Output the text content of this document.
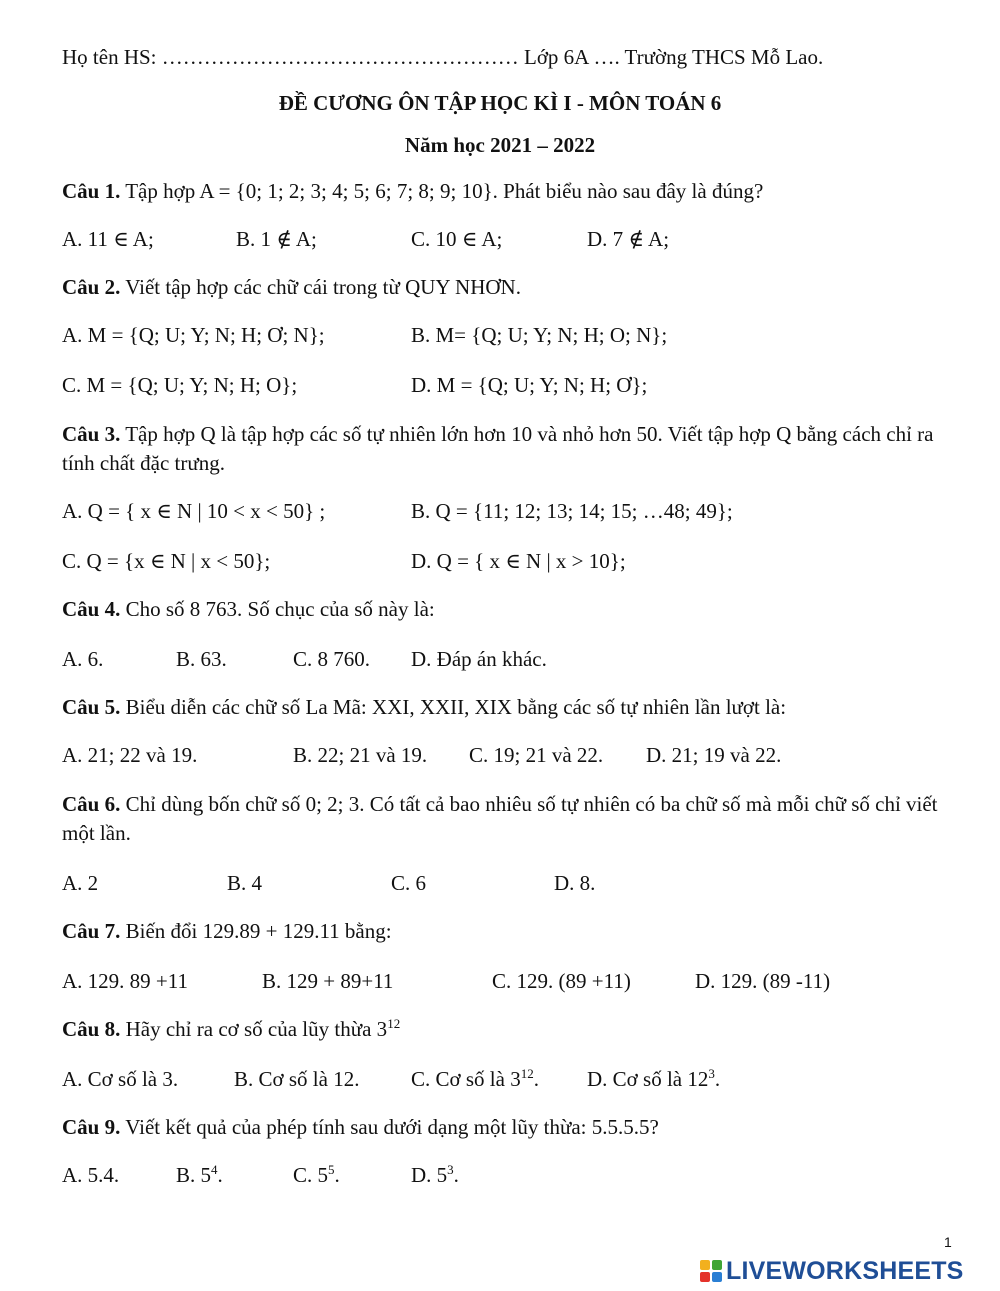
Họ tên HS: …………………………………………… Lớp 6A …. Trường THCS Mỗ Lao.
ĐỀ CƯƠNG ÔN TẬP HỌC KÌ I - MÔN TOÁN 6
Năm học 2021 – 2022
Câu 1. Tập hợp A = {0; 1; 2; 3; 4; 5; 6; 7; 8; 9; 10}. Phát biểu nào sau đây là đúng?
A. 11 ∈ A;	B. 1 ∉ A;	C. 10 ∈ A;	D. 7 ∉ A;
Câu 2. Viết tập hợp các chữ cái trong từ QUY NHƠN.
A. M = {Q; U; Y; N; H; Ơ; N};	B. M= {Q; U; Y; N; H; O; N};
C. M = {Q; U; Y; N; H; O};	D. M = {Q; U; Y; N; H; Ơ};
Câu 3. Tập hợp Q là tập hợp các số tự nhiên lớn hơn 10 và nhỏ hơn 50. Viết tập hợp Q bằng cách chỉ ra tính chất đặc trưng.
A. Q = { x ∈ N | 10 < x < 50} ;	B. Q = {11; 12; 13; 14; 15; …48; 49};
C. Q = {x ∈ N | x < 50};	D. Q = { x ∈ N | x > 10};
Câu 4. Cho số 8 763. Số chục của số này là:
A. 6.	B. 63.	C. 8 760. D. Đáp án khác.
Câu 5. Biểu diễn các chữ số La Mã: XXI, XXII, XIX bằng các số tự nhiên lần lượt là:
A. 21; 22 và 19.	B. 22; 21 và 19. C. 19; 21 và 22. D. 21; 19 và 22.
Câu 6. Chỉ dùng bốn chữ số 0; 2; 3. Có tất cả bao nhiêu số tự nhiên có ba chữ số mà mỗi chữ số chỉ viết một lần.
A. 2	B. 4	C. 6	D. 8.
Câu 7. Biến đổi 129.89 + 129.11 bằng:
A. 129. 89 +11	B. 129 + 89+11	C. 129. (89 +11)	D. 129. (89 -11)
Câu 8. Hãy chỉ ra cơ số của lũy thừa $3^{12}$
A. Cơ số là 3.	B. Cơ số là 12. C. Cơ số là $3^{12}$. D. Cơ số là $12^3$.
Câu 9. Viết kết quả của phép tính sau dưới dạng một lũy thừa: 5.5.5.5?
A. 5.4.	B. $5^4$.	C. $5^5$.	D. $5^3$.
1
LIVEWORKSHEETS
